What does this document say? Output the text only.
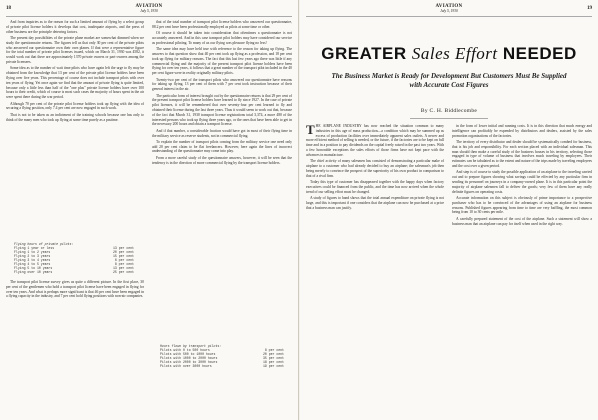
18	AVIATION
July 5, 1930

And from inquiries as to the reason for such a limited amount of flying by a select group of private pilot license holders it develops that cost, inadequate airports, and the press of other business are the principle deterring factors.

The present day possibilities of the private plane market are somewhat dimmed when we study the questionnaire returns. The figures tell us that only 30 per cent of the private pilots who answered our questionnaire own their own planes. If that were a representative figure for the total number of private pilot licenses issued, which on March 31, 1930 was 4582, it would work out that there are approximately 1370 private owners or part-owners among the private licensees.

Some idea as to the number of wait time pilots who have again left the urge to fly may be obtained from the knowledge that 13 per cent of the private pilot license holders have been flying over five years. This percentage of course does not include transport pilots with over ten years of flying. Yet once again we find that the amount of private flying is quite limited, because only a little less than half of the "one plus" private license holders have over 100 hours to their credit, which of course is most such cases the majority of hours spent in the air were spent there during the war period.

Although 70 per cent of the private pilot license holders took up flying with the idea of securing a flying position, only 7.4 per cent are now engaged in such work.

That is not to be taken as an indictment of the training schools because one has only to think of the many men who took up flying at some time purely as a pastime.

Flying hours of private pilots:
Flying 1 year or less	13 per cent
Flying 1 to 2 years	20 per cent
Flying 2 to 3 years	15 per cent
Flying 3 to 4 years	6 per cent
Flying 4 to 5 years	8 per cent
Flying 5 to 10 years	13 per cent
Flying over 10 years	25 per cent

The transport pilot license survey gives us quite a different picture. In the first place, 30 per cent of the gentlemen who hold a transport pilot license have been engaged in flying for over ten years. And what is perhaps more significant is that 46 per cent have been engaged in a flying capacity in the industry, and 7 per cent hold flying positions with non-air companies.

that of the total number of transport pilot license holders who answered our questionnaire, 88.2 per cent have been professionally employed as pilots at some time or other.

Of course it should be taken into consideration that oftentimes a questionnaire is not accurately answered. And in this case transport pilot holders may have considered our service as professional piloting. To many of us our flying was pleasure flying no less!

The same idea may have held true with reference to the reason for taking up flying. The answers to that question show that 40 per cent took up flying as a profession, and 18 per cent took up flying for military reasons. The fact that this last few years ago there was little if any commercial flying and the majority of the present transport pilot license holders have been flying for over ten years, it follows that a great number of the transport pilot included in the 40 per cent figure were in reality originally military pilots.

Twenty-two per cent of the transport pilots who answered our questionnaire have reasons for taking up flying, 13 per cent of them with 7 per cent took instruction because of their general interest in the air.

The particular form of interest brought out by the questionnaire returns is that 29 per cent of the present transport pilot license holders have learned to fly since 1927. In the case of private pilot licenses, it will be remembered that over seventy-four per cent learned to fly and obtained their license during the last three years. Thus it would seem to work out that, because of the fact that March 31, 1930 transport license registrations total 3,374, a more 480 of the interested persons who took up flying three years ago, or the ones that have been able to get in the necessary 200 hours and obtain a transport license.

And if that number, a considerable fraction would have got in most of their flying time in the military service as reserve students, not in commercial flying.

To explain the number of transport pilots coming from the military service one need only add 20 per cent claim to be flat freelancers. However, here again the lines of incorrect understanding of the questionnaire may come into play.

From a more careful study of the questionnaire answers, however, it will be seen that the tendency is in the direction of more commercial flying by the transport license holders.

Hours flown by transport pilots:
Pilots with 0 to 500 hours	8 per cent
Pilots with 500 to 1000 hours	20 per cent
Pilots with 1000 to 2000 hours	35 per cent
Pilots with 2000 to 3000 hours	18 per cent
Pilots with over 3000 hours	19 per cent
19
AVIATION
July 5, 1930
GREATER Sales Effort NEEDED
The Business Market is Ready for Development But Customers Must Be Supplied with Accurate Cost Figures
By C. H. Biddlecombe

THE AIRPLANE INDUSTRY has now reached the situation common to many industries in this age of mass production—a condition which may be summed up as excess of production facilities over immediately apparent sales outlets. A newer and more efficient method of selling is needed, or the future, if the factories are to be kept on full time and in a position to pay dividends on the capital freely raised in the past two years. With a few honorable exceptions the sales efforts of those firms have not kept pace with the advances in manufacture.

The chief activity of many salesmen has consisted of demonstrating a particular make of airplane to a customer who had already decided to buy an airplane; the salesman's job then being merely to convince the prospect of the superiority of his own product in comparison to that of a rival firm.

Today this type of customer has disappeared together with the happy days when factory executives could be financed from the public, and the time has now arrived when the whole trend of our selling effort must be changed.

A study of figures to hand shows that the total annual expenditure on private flying is not large, and this is important if one considers that the airplane can now be purchased at a price that a business man can justify.

in the form of lower initial and running costs. It is in this direction that much energy and intelligence can profitably be expended by distributors and dealers, assisted by the sales promotion organizations of the factories.

The territory of every distributor and dealer should be systematically combed for business, that is his job and responsibility. For each section placed with an individual salesman. This man should then make a careful study of the business houses in his territory, selecting those engaged in type of volume of business that involves much traveling by employees. Their estimates can be tabulated as to the extent and nature of the trips made by traveling employees and the cost over a given period.

And step is of course to study the possible application of an airplane to the traveling carried out and to prepare figures showing what savings could be effected by any particular firm in sending its personnel on journeys in a company-owned plane. It is in this particular point the majority of airplane salesmen fall to deliver the goods; very few of them have any really definite figures on operating costs.

Accurate information on this subject is obviously of prime importance to a prospective purchaser who has to be convinced of the advantages of using an airplane for business reasons. Published figures appearing from time to time are very baffling, the most common being from 10 to 30 cents per mile.

A carefully prepared statement of the cost of the airplane. Such a statement will show a business man that an airplane can pay for itself when used in the right way.
